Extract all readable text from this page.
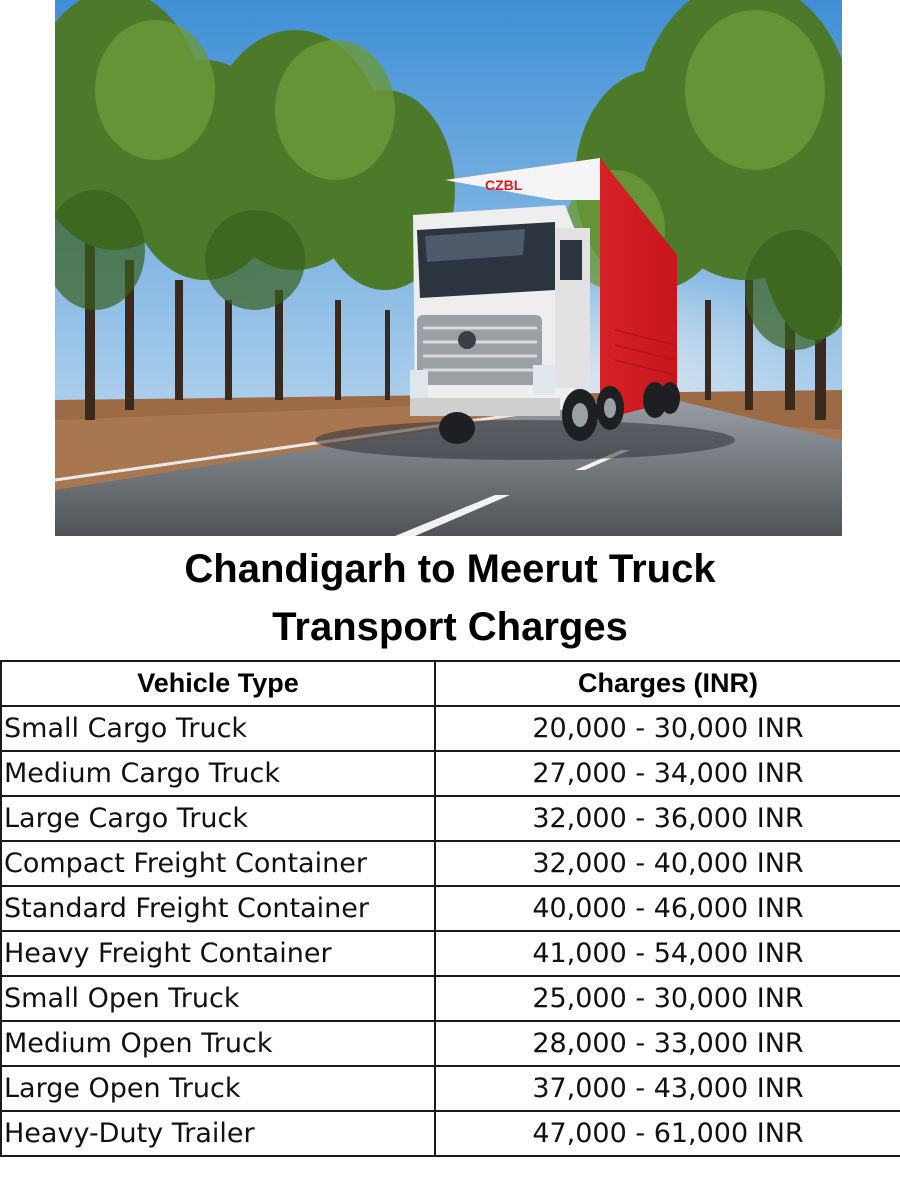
CZBL
Chandigarh to Meerut Truck
Transport Charges
Vehicle Type	Charges (INR)
Small Cargo Truck	20,000 - 30,000 INR
Medium Cargo Truck	27,000 - 34,000 INR
Large Cargo Truck	32,000 - 36,000 INR
Compact Freight Container	32,000 - 40,000 INR
Standard Freight Container	40,000 - 46,000 INR
Heavy Freight Container	41,000 - 54,000 INR
Small Open Truck	25,000 - 30,000 INR
Medium Open Truck	28,000 - 33,000 INR
Large Open Truck	37,000 - 43,000 INR
Heavy-Duty Trailer	47,000 - 61,000 INR
